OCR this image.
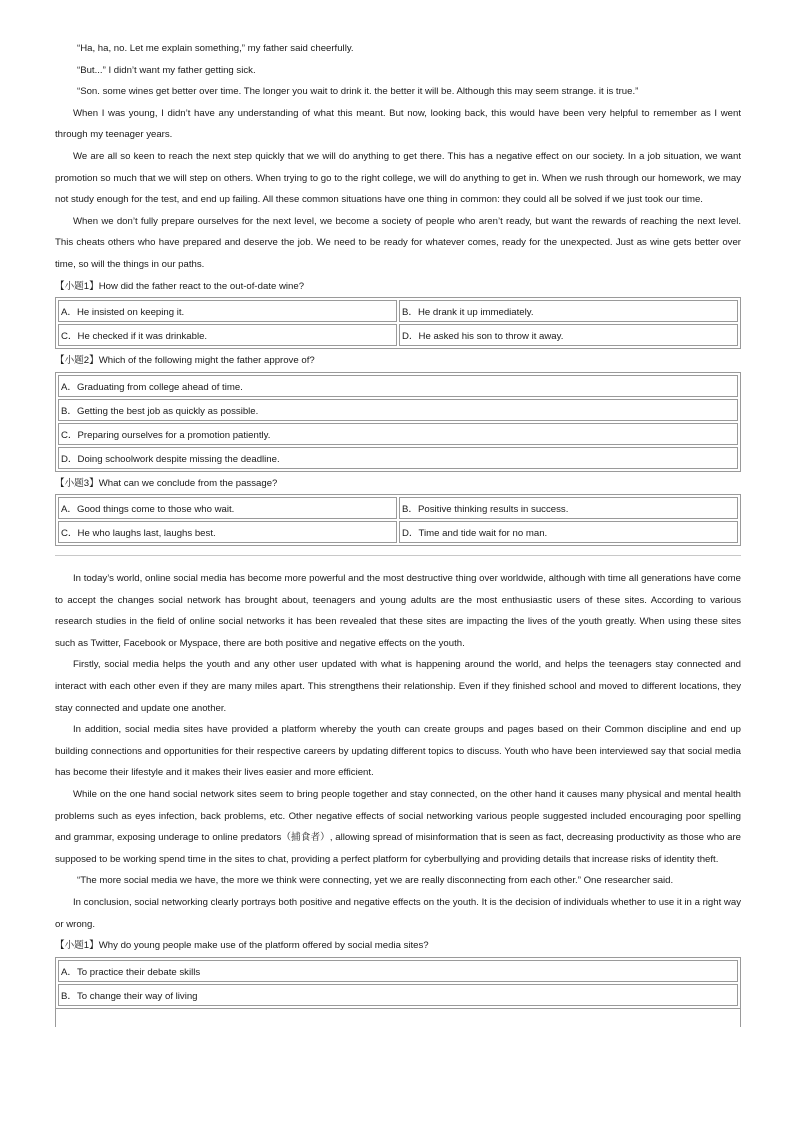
“Ha, ha, no. Let me explain something,” my father said cheerfully.

“But...” I didn’t want my father getting sick.

“Son. some wines get better over time. The longer you wait to drink it. the better it will be. Although this may seem strange. it is true.”

When I was young, I didn’t have any understanding of what this meant. But now, looking back, this would have been very helpful to remember as I went through my teenager years.

We are all so keen to reach the next step quickly that we will do anything to get there. This has a negative effect on our society. In a job situation, we want promotion so much that we will step on others. When trying to go to the right college, we will do anything to get in. When we rush through our homework, we may not study enough for the test, and end up failing. All these common situations have one thing in common: they could all be solved if we just took our time.

When we don’t fully prepare ourselves for the next level, we become a society of people who aren’t ready, but want the rewards of reaching the next level. This cheats others who have prepared and deserve the job. We need to be ready for whatever comes, ready for the unexpected. Just as wine gets better over time, so will the things in our paths.

【小题1】How did the father react to the out-of-date wine?

A．He insisted on keeping it.	B．He drank it up immediately.
C．He checked if it was drinkable.	D．He asked his son to throw it away.

【小题2】Which of the following might the father approve of?

A．Graduating from college ahead of time.
B．Getting the best job as quickly as possible.
C．Preparing ourselves for a promotion patiently.
D．Doing schoolwork despite missing the deadline.

【小题3】What can we conclude from the passage?

A．Good things come to those who wait.	B．Positive thinking results in success.
C．He who laughs last, laughs best.	D．Time and tide wait for no man.

In today’s world, online social media has become more powerful and the most destructive thing over worldwide, although with time all generations have come to accept the changes social network has brought about, teenagers and young adults are the most enthusiastic users of these sites. According to various research studies in the field of online social networks it has been revealed that these sites are impacting the lives of the youth greatly. When using these sites such as Twitter, Facebook or Myspace, there are both positive and negative effects on the youth.

Firstly, social media helps the youth and any other user updated with what is happening around the world, and helps the teenagers stay connected and interact with each other even if they are many miles apart. This strengthens their relationship. Even if they finished school and moved to different locations, they stay connected and update one another.

In addition, social media sites have provided a platform whereby the youth can create groups and pages based on their Common discipline and end up building connections and opportunities for their respective careers by updating different topics to discuss. Youth who have been interviewed say that social media has become their lifestyle and it makes their lives easier and more efficient.

While on the one hand social network sites seem to bring people together and stay connected, on the other hand it causes many physical and mental health problems such as eyes infection, back problems, etc. Other negative effects of social networking various people suggested included encouraging poor spelling and grammar, exposing underage to online predators（捕食者）, allowing spread of misinformation that is seen as fact, decreasing productivity as those who are supposed to be working spend time in the sites to chat, providing a perfect platform for cyberbullying and providing details that increase risks of identity theft.

“The more social media we have, the more we think were connecting, yet we are really disconnecting from each other.” One researcher said.

In conclusion, social networking clearly portrays both positive and negative effects on the youth. It is the decision of individuals whether to use it in a right way or wrong.

【小题1】Why do young people make use of the platform offered by social media sites?

A．To practice their debate skills
B．To change their way of living
